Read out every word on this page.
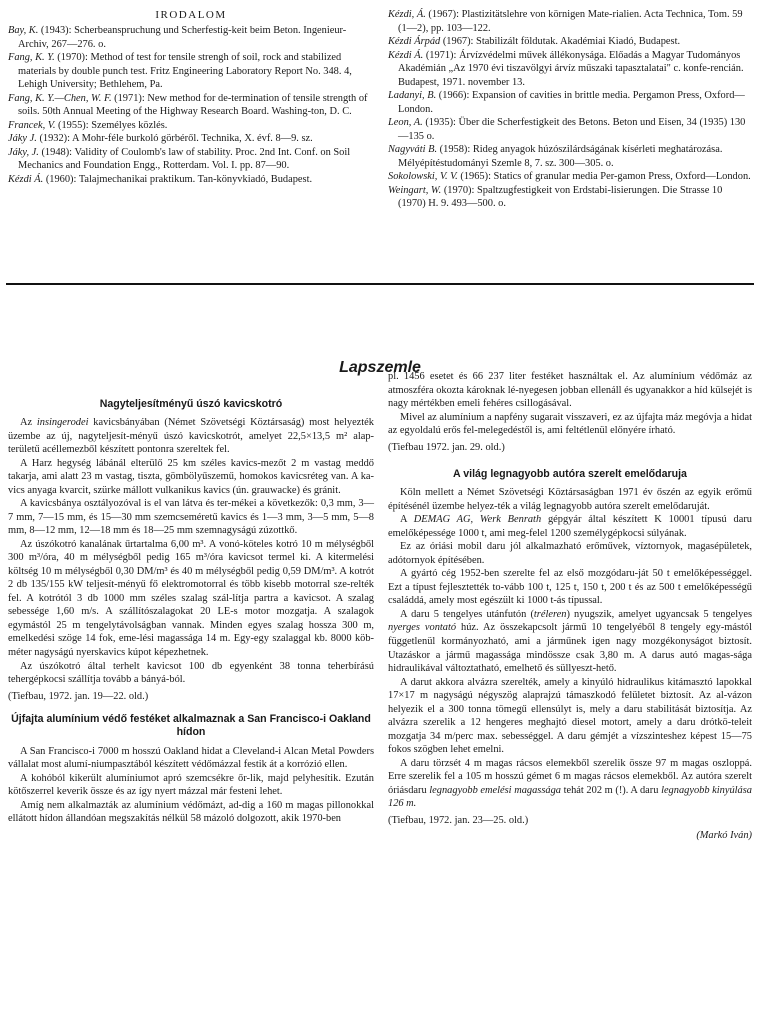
IRODALOM

Bay, K. (1943): Scherbeanspruchung und Scherfestig-keit beim Beton. Ingenieur-Archiv, 267—276. o.

Fang, K. Y. (1970): Method of test for tensile strengh of soil, rock and stabilized materials by double punch test. Fritz Engineering Laboratory Report No. 348. 4, Lehigh University; Bethlehem, Pa.

Fang, K. Y.—Chen, W. F. (1971): New method for de-termination of tensile strength of soils. 50th Annual Meeting of the Highway Research Board. Washing-ton, D. C.

Francek, V. (1955): Személyes közlés.

Jáky J. (1932): A Mohr-féle burkoló görbéről. Technika, X. évf. 8—9. sz.

Jáky, J. (1948): Validity of Coulomb's law of stability. Proc. 2nd Int. Conf. on Soil Mechanics and Foundation Engg., Rotterdam. Vol. I. pp. 87—90.

Kézdi Á. (1960): Talajmechanikai praktikum. Tan-könyvkiadó, Budapest.

Kézdi, Á. (1967): Plastizitätslehre von körnigen Mate-rialien. Acta Technica, Tom. 59 (1—2), pp. 103—122.

Kézdi Árpád (1967): Stabilizált földutak. Akadémiai Kiadó, Budapest.

Kézdi Á. (1971): Árvízvédelmi művek állékonysága. Előadás a Magyar Tudományos Akadémián „Az 1970 évi tiszavölgyi árvíz műszaki tapasztalatai" c. konfe-rencián. Budapest, 1971. november 13.

Ladanyi, B. (1966): Expansion of cavities in brittle media. Pergamon Press, Oxford—London.

Leon, A. (1935): Über die Scherfestigkeit des Betons. Beton und Eisen, 34 (1935) 130—135 o.

Nagyváti B. (1958): Rideg anyagok húzószilárdságának kísérleti meghatározása. Mélyépítéstudományi Szemle 8, 7. sz. 300—305. o.

Sokolowski, V. V. (1965): Statics of granular media Per-gamon Press, Oxford—London.

Weingart, W. (1970): Spaltzugfestigkeit von Erdstabi-lisierungen. Die Strasse 10 (1970) H. 9. 493—500. o.

Lapszemle
Nagyteljesítményű úszó kavicskotró

Az insingerodei kavicsbányában (Német Szövetségi Köztársaság) most helyezték üzembe az új, nagyteljesít-ményű úszó kavicskotrót, amelyet 22,5×13,5 m² alap-területű acéllemezből készített pontonra szereltek fel.

A Harz hegység lábánál elterülő 25 km széles kavics-mezőt 2 m vastag meddő takarja, ami alatt 23 m vastag, tiszta, gömbölyűszemű, homokos kavicsréteg van. A ka-vics anyaga kvarcit, szürke mállott vulkanikus kavics (ún. grauwacke) és gránit.

A kavicsbánya osztályozóval is el van látva és ter-mékei a következők: 0,3 mm, 3—7 mm, 7—15 mm, és 15—30 mm szemcseméretű kavics és 1—3 mm, 3—5 mm, 5—8 mm, 8—12 mm, 12—18 mm és 18—25 mm szemnagyságú zúzottkő.

Az úszókotró kanalának űrtartalma 6,00 m³. A vonó-köteles kotró 10 m mélységből 300 m³/óra, 40 m mélységből pedig 165 m³/óra kavicsot termel ki. A kitermelési költség 10 m mélységből 0,30 DM/m³ és 40 m mélységből pedig 0,59 DM/m³. A kotrót 2 db 135/155 kW teljesít-ményű fő elektromotorral és több kisebb motorral sze-relték fel. A kotrótól 3 db 1000 mm széles szalag szál-lítja partra a kavicsot. A szalag sebessége 1,60 m/s. A szállítószalagokat 20 LE-s motor mozgatja. A szalagok egymástól 25 m tengelytávolságban vannak. Minden egyes szalag hossza 300 m, emelkedési szöge 14 fok, eme-lési magassága 14 m. Egy-egy szalaggal kb. 8000 köb-méter nagyságú nyerskavics kúpot képezhetnek.

Az úszókotró által terhelt kavicsot 100 db egyenként 38 tonna teherbírású tehergépkocsi szállítja tovább a bányá-ból.

(Tiefbau, 1972. jan. 19—22. old.)

Újfajta alumínium védő festéket alkalmaznak a San Francisco-i Oakland hídon

A San Francisco-i 7000 m hosszú Oakland hidat a Cleveland-i Alcan Metal Powders vállalat most alumí-niumpasztából készített védőmázzal festik át a korrózió ellen.

A kohóból kikerült alumíniumot apró szemcsékre őr-lik, majd pelyhesítik. Ezután kötőszerrel keverik össze és az így nyert mázzal már festeni lehet.

Amíg nem alkalmazták az alumínium védőmázt, ad-dig a 160 m magas pillonokkal ellátott hídon állandóan megszakítás nélkül 58 mázoló dolgozott, akik 1970-ben

pl. 1456 esetet és 66 237 liter festéket használtak el. Az alumínium védőmáz az atmoszféra okozta károknak lé-nyegesen jobban ellenáll és ugyanakkor a híd külsejét is nagy mértékben emeli fehéres csillogásával.

Mivel az alumínium a napfény sugarait visszaveri, ez az újfajta máz megóvja a hidat az egyoldalú erős fel-melegedéstől is, ami feltétlenül előnyére írható.

(Tiefbau 1972. jan. 29. old.)

A világ legnagyobb autóra szerelt emelődaruja

Köln mellett a Német Szövetségi Köztársaságban 1971 év őszén az egyik erőmű építésénél üzembe helyez-ték a világ legnagyobb autóra szerelt emelődaruját.

A DEMAG AG, Werk Benrath gépgyár által készített K 10001 típusú daru emelőképessége 1000 t, ami meg-felel 1200 személygépkocsi súlyának.

Ez az óriási mobil daru jól alkalmazható erőművek, víztornyok, magasépületek, adótornyok építésében.

A gyártó cég 1952-ben szerelte fel az első mozgódaru-ját 50 t emelőképességgel. Ezt a típust fejlesztették to-vább 100 t, 125 t, 150 t, 200 t és az 500 t emelőképességű családdá, amely most egészült ki 1000 t-ás típussal.

A daru 5 tengelyes utánfutón (tréleren) nyugszik, amelyet ugyancsak 5 tengelyes nyerges vontató húz. Az összekapcsolt jármű 10 tengelyéből 8 tengely egy-mástól függetlenül kormányozható, ami a járműnek igen nagy mozgékonyságot biztosít. Utazáskor a jármű magassága mindössze csak 3,80 m. A darus autó magas-sága hidraulikával változtatható, emelhető és süllyeszt-hető.

A darut akkora alvázra szerelték, amely a kinyúló hidraulikus kitámasztó lapokkal 17×17 m nagyságú négyszög alaprajzú támaszkodó felületet biztosít. Az al-vázon helyezik el a 300 tonna tömegű ellensúlyt is, mely a daru stabilitását biztosítja. Az alvázra szerelik a 12 hengeres meghajtó diesel motort, amely a daru drótkö-teleit mozgatja 34 m/perc max. sebességgel. A daru gémjét a vízszinteshez képest 15—75 fokos szögben lehet emelni.

A daru törzsét 4 m magas rácsos elemekből szerelik össze 97 m magas oszloppá. Erre szerelik fel a 105 m hosszú gémet 6 m magas rácsos elemekből. Az autóra szerelt óriásdaru legnagyobb emelési magassága tehát 202 m (!). A daru legnagyobb kinyúlása 126 m.

(Tiefbau, 1972. jan. 23—25. old.)

(Markó Iván)
